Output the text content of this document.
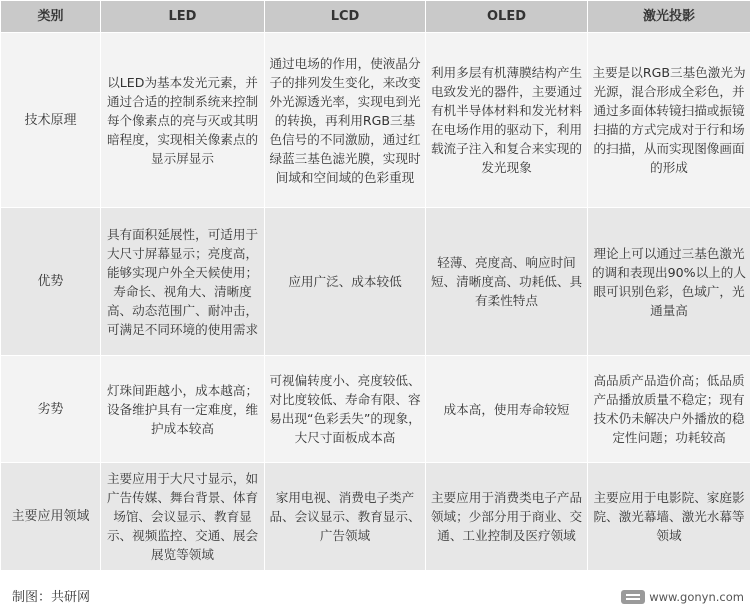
类别	LED	LCD	OLED	激光投影
技术原理	以LED为基本发光元素，并通过合适的控制系统来控制每个像素点的亮与灭或其明暗程度，实现相关像素点的显示屏显示	通过电场的作用，使液晶分子的排列发生变化，来改变外光源透光率，实现电到光的转换，再利用RGB三基色信号的不同激励，通过红绿蓝三基色滤光膜，实现时间域和空间域的色彩重现	利用多层有机薄膜结构产生电致发光的器件，主要通过有机半导体材料和发光材料在电场作用的驱动下，利用载流子注入和复合来实现的发光现象	主要是以RGB三基色激光为光源，混合形成全彩色，并通过多面体转镜扫描或振镜扫描的方式完成对于行和场的扫描，从而实现图像画面的形成
优势	具有面积延展性，可适用于大尺寸屏幕显示；亮度高，能够实现户外全天候使用；寿命长、视角大、清晰度高、动态范围广、耐冲击，可满足不同环境的使用需求	应用广泛、成本较低	轻薄、亮度高、响应时间短、清晰度高、功耗低、具有柔性特点	理论上可以通过三基色激光的调和表现出90%以上的人眼可识别色彩，色域广，光通量高
劣势	灯珠间距越小，成本越高；设备维护具有一定难度，维护成本较高	可视偏转度小、亮度较低、对比度较低、寿命有限、容易出现“色彩丢失”的现象，大尺寸面板成本高	成本高，使用寿命较短	高品质产品造价高；低品质产品播放质量不稳定；现有技术仍未解决户外播放的稳定性问题；功耗较高
主要应用领域	主要应用于大尺寸显示，如广告传媒、舞台背景、体育场馆、会议显示、教育显示、视频监控、交通、展会展览等领域	家用电视、消费电子类产品、会议显示、教育显示、广告领域	主要应用于消费类电子产品领域；少部分用于商业、交通、工业控制及医疗领域	主要应用于电影院、家庭影院、激光幕墙、激光水幕等领域
制图：共研网	www.gonyn.com
